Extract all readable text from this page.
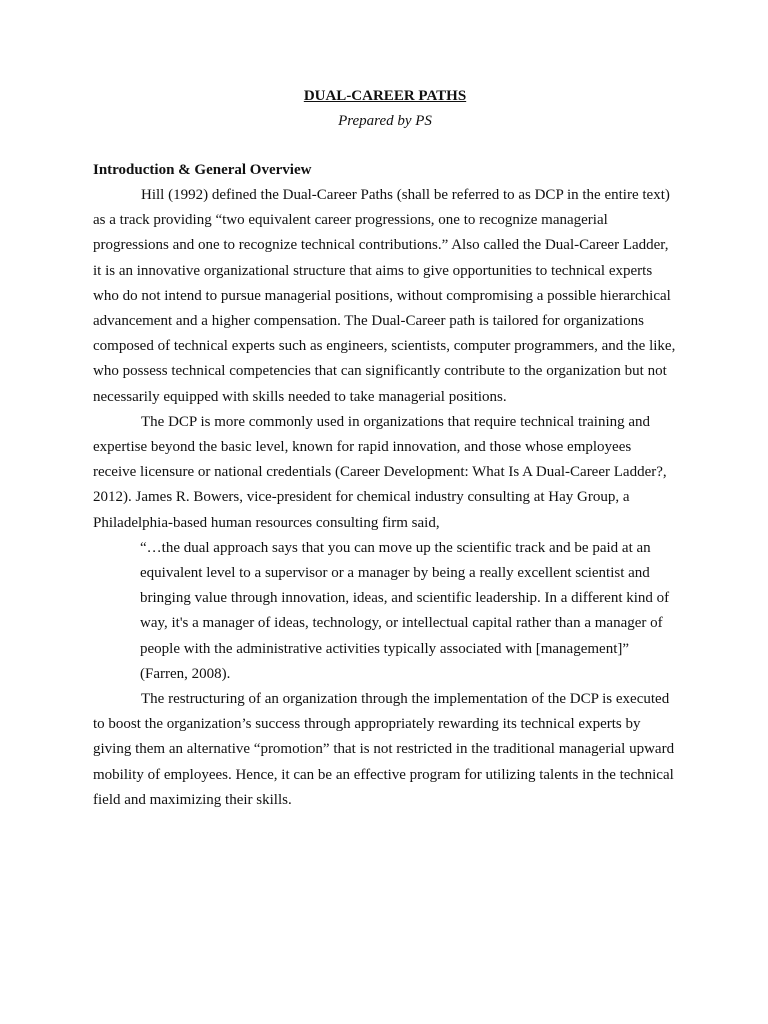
DUAL-CAREER PATHS

Prepared by PS

Introduction & General Overview

Hill (1992) defined the Dual-Career Paths (shall be referred to as DCP in the entire text) as a track providing “two equivalent career progressions, one to recognize managerial progressions and one to recognize technical contributions.” Also called the Dual-Career Ladder, it is an innovative organizational structure that aims to give opportunities to technical experts who do not intend to pursue managerial positions, without compromising a possible hierarchical advancement and a higher compensation. The Dual-Career path is tailored for organizations composed of technical experts such as engineers, scientists, computer programmers, and the like, who possess technical competencies that can significantly contribute to the organization but not necessarily equipped with skills needed to take managerial positions.

The DCP is more commonly used in organizations that require technical training and expertise beyond the basic level, known for rapid innovation, and those whose employees receive licensure or national credentials (Career Development: What Is A Dual-Career Ladder?, 2012). James R. Bowers, vice-president for chemical industry consulting at Hay Group, a Philadelphia-based human resources consulting firm said,

“…the dual approach says that you can move up the scientific track and be paid at an equivalent level to a supervisor or a manager by being a really excellent scientist and bringing value through innovation, ideas, and scientific leadership. In a different kind of way, it's a manager of ideas, technology, or intellectual capital rather than a manager of people with the administrative activities typically associated with [management]” (Farren, 2008).

The restructuring of an organization through the implementation of the DCP is executed to boost the organization’s success through appropriately rewarding its technical experts by giving them an alternative “promotion” that is not restricted in the traditional managerial upward mobility of employees. Hence, it can be an effective program for utilizing talents in the technical field and maximizing their skills.
